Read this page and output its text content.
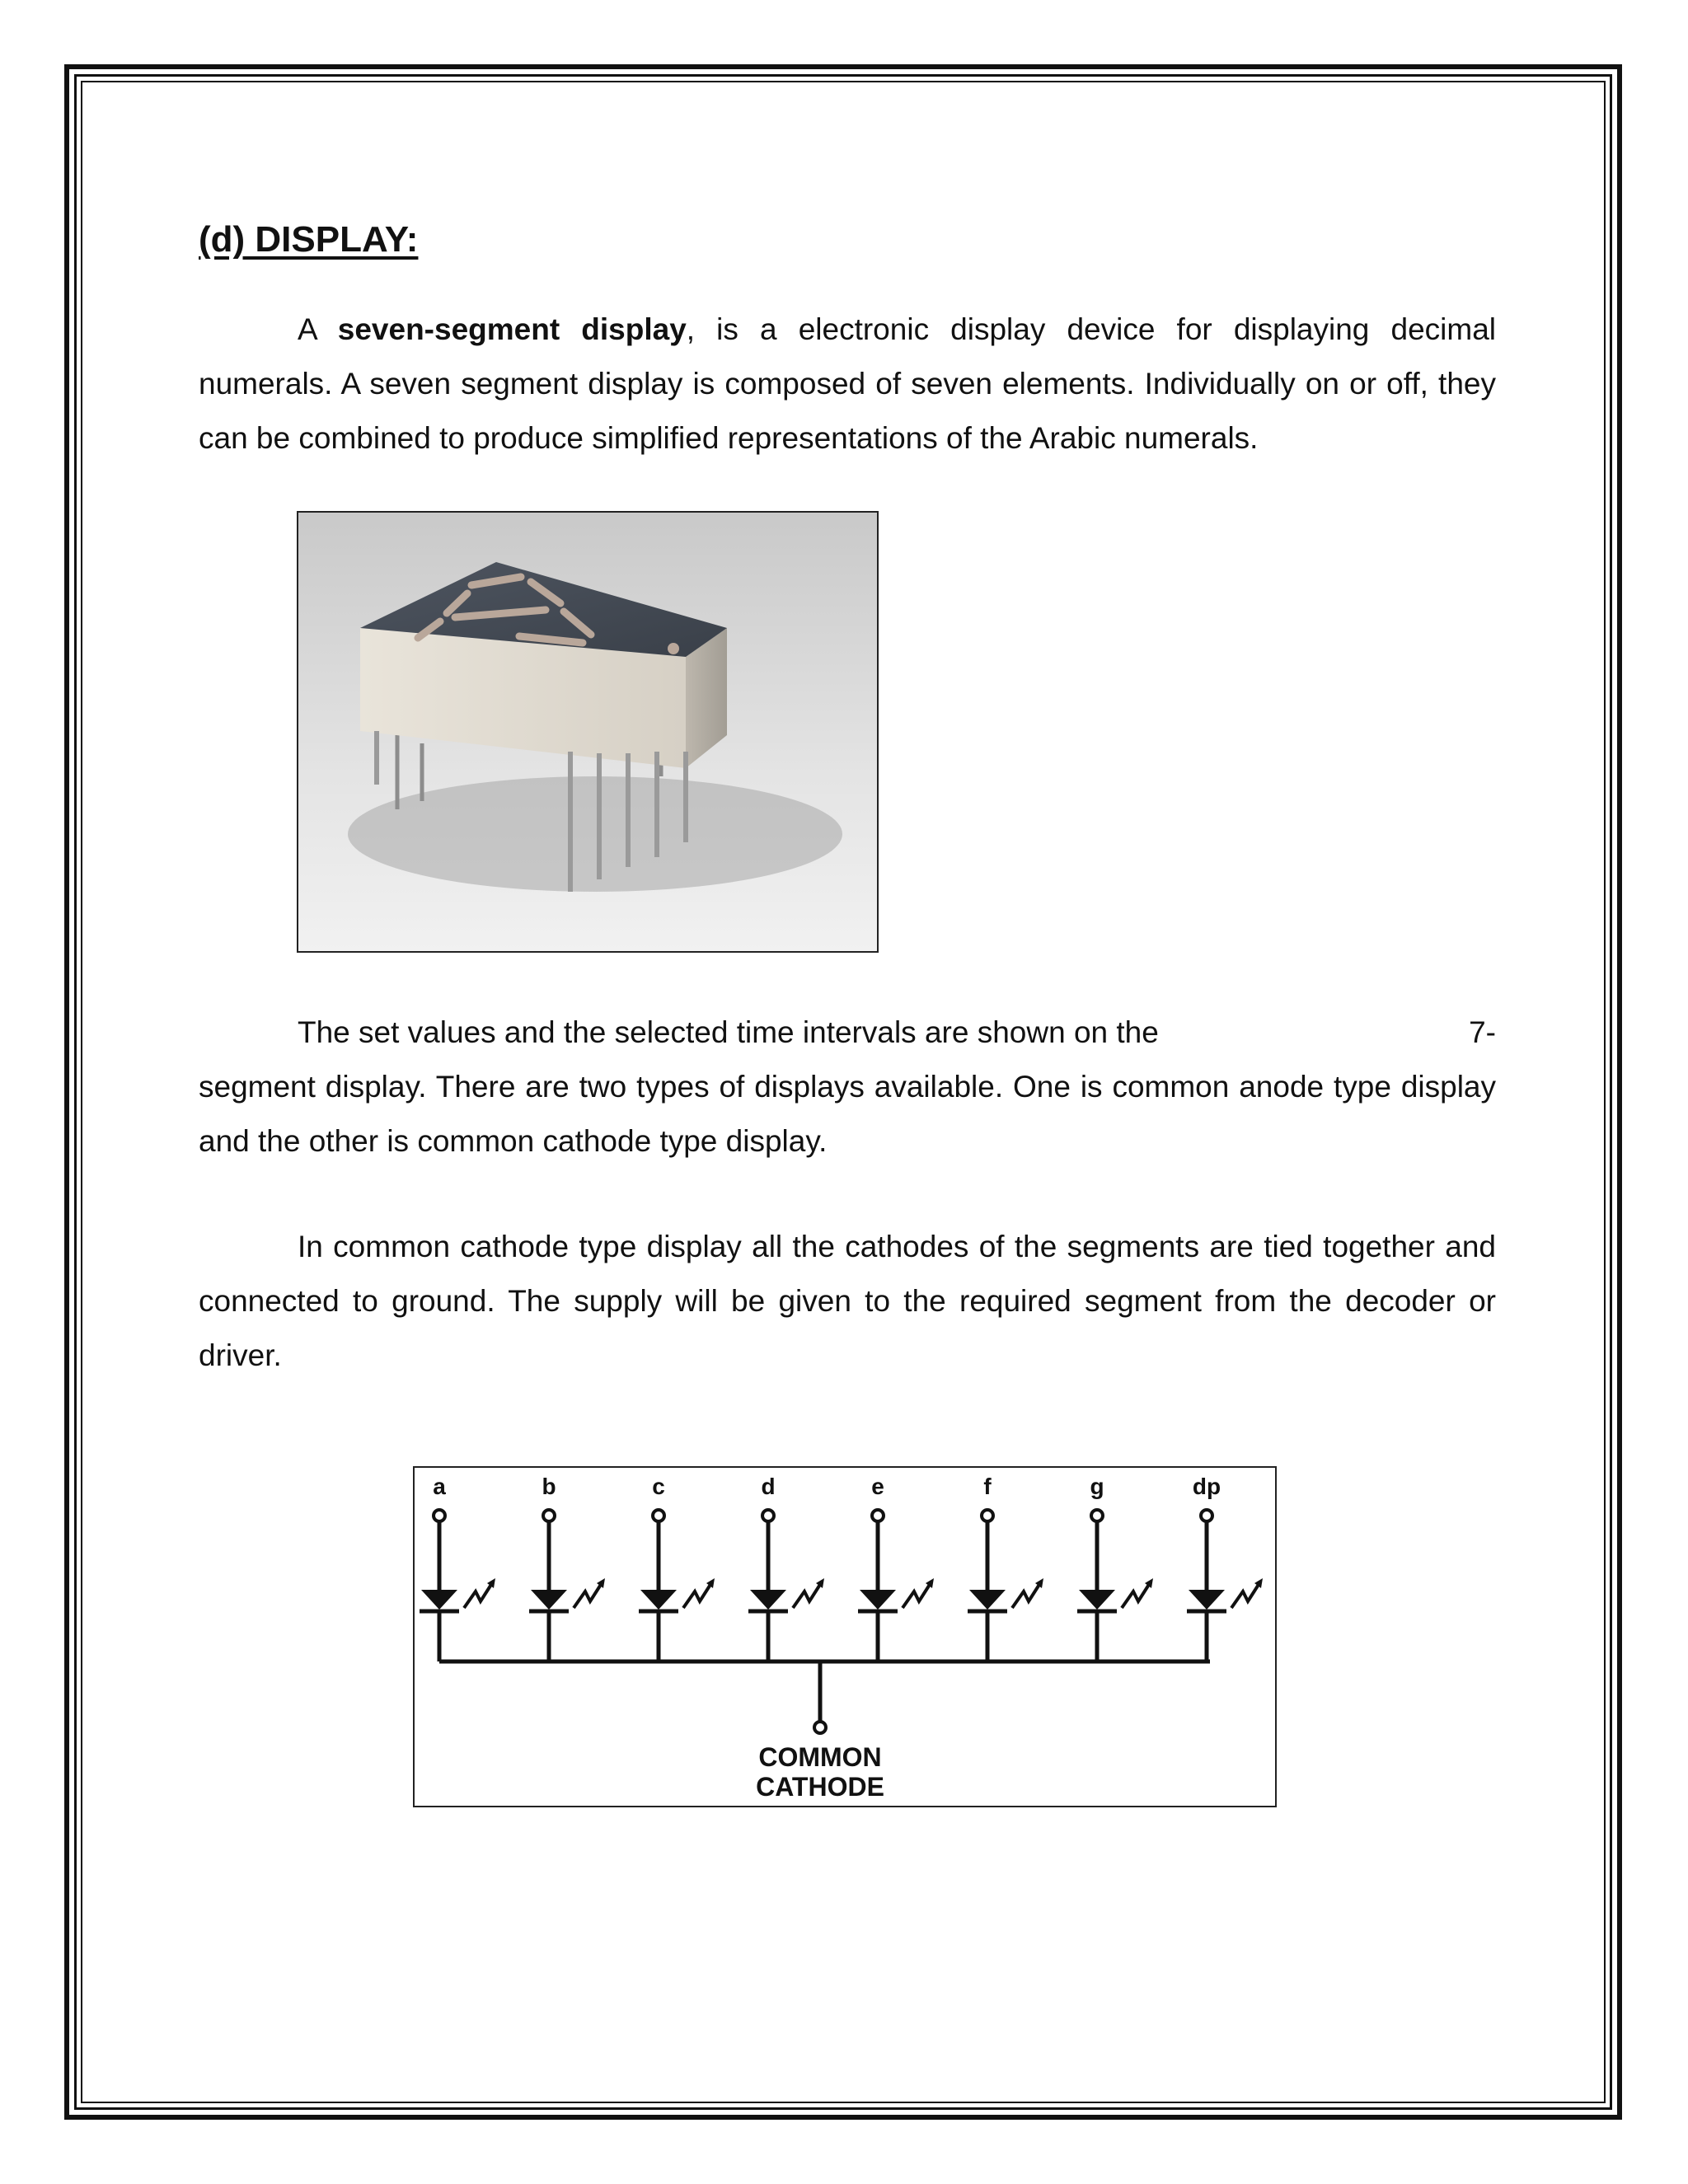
(d) DISPLAY:

A seven-segment display, is a electronic display device for displaying decimal numerals. A seven segment display is composed of seven elements. Individually on or off, they can be combined to produce simplified representations of the Arabic numerals.

The set values and the selected time intervals are shown on the	7-
segment display. There are two types of displays available. One is common anode type display and the other is common cathode type display.

In common cathode type display all the cathodes of the segments are tied together and connected to ground. The supply will be given to the required segment from the decoder or driver.

a	b	c	d	e	f	g	dp
COMMON
CATHODE
